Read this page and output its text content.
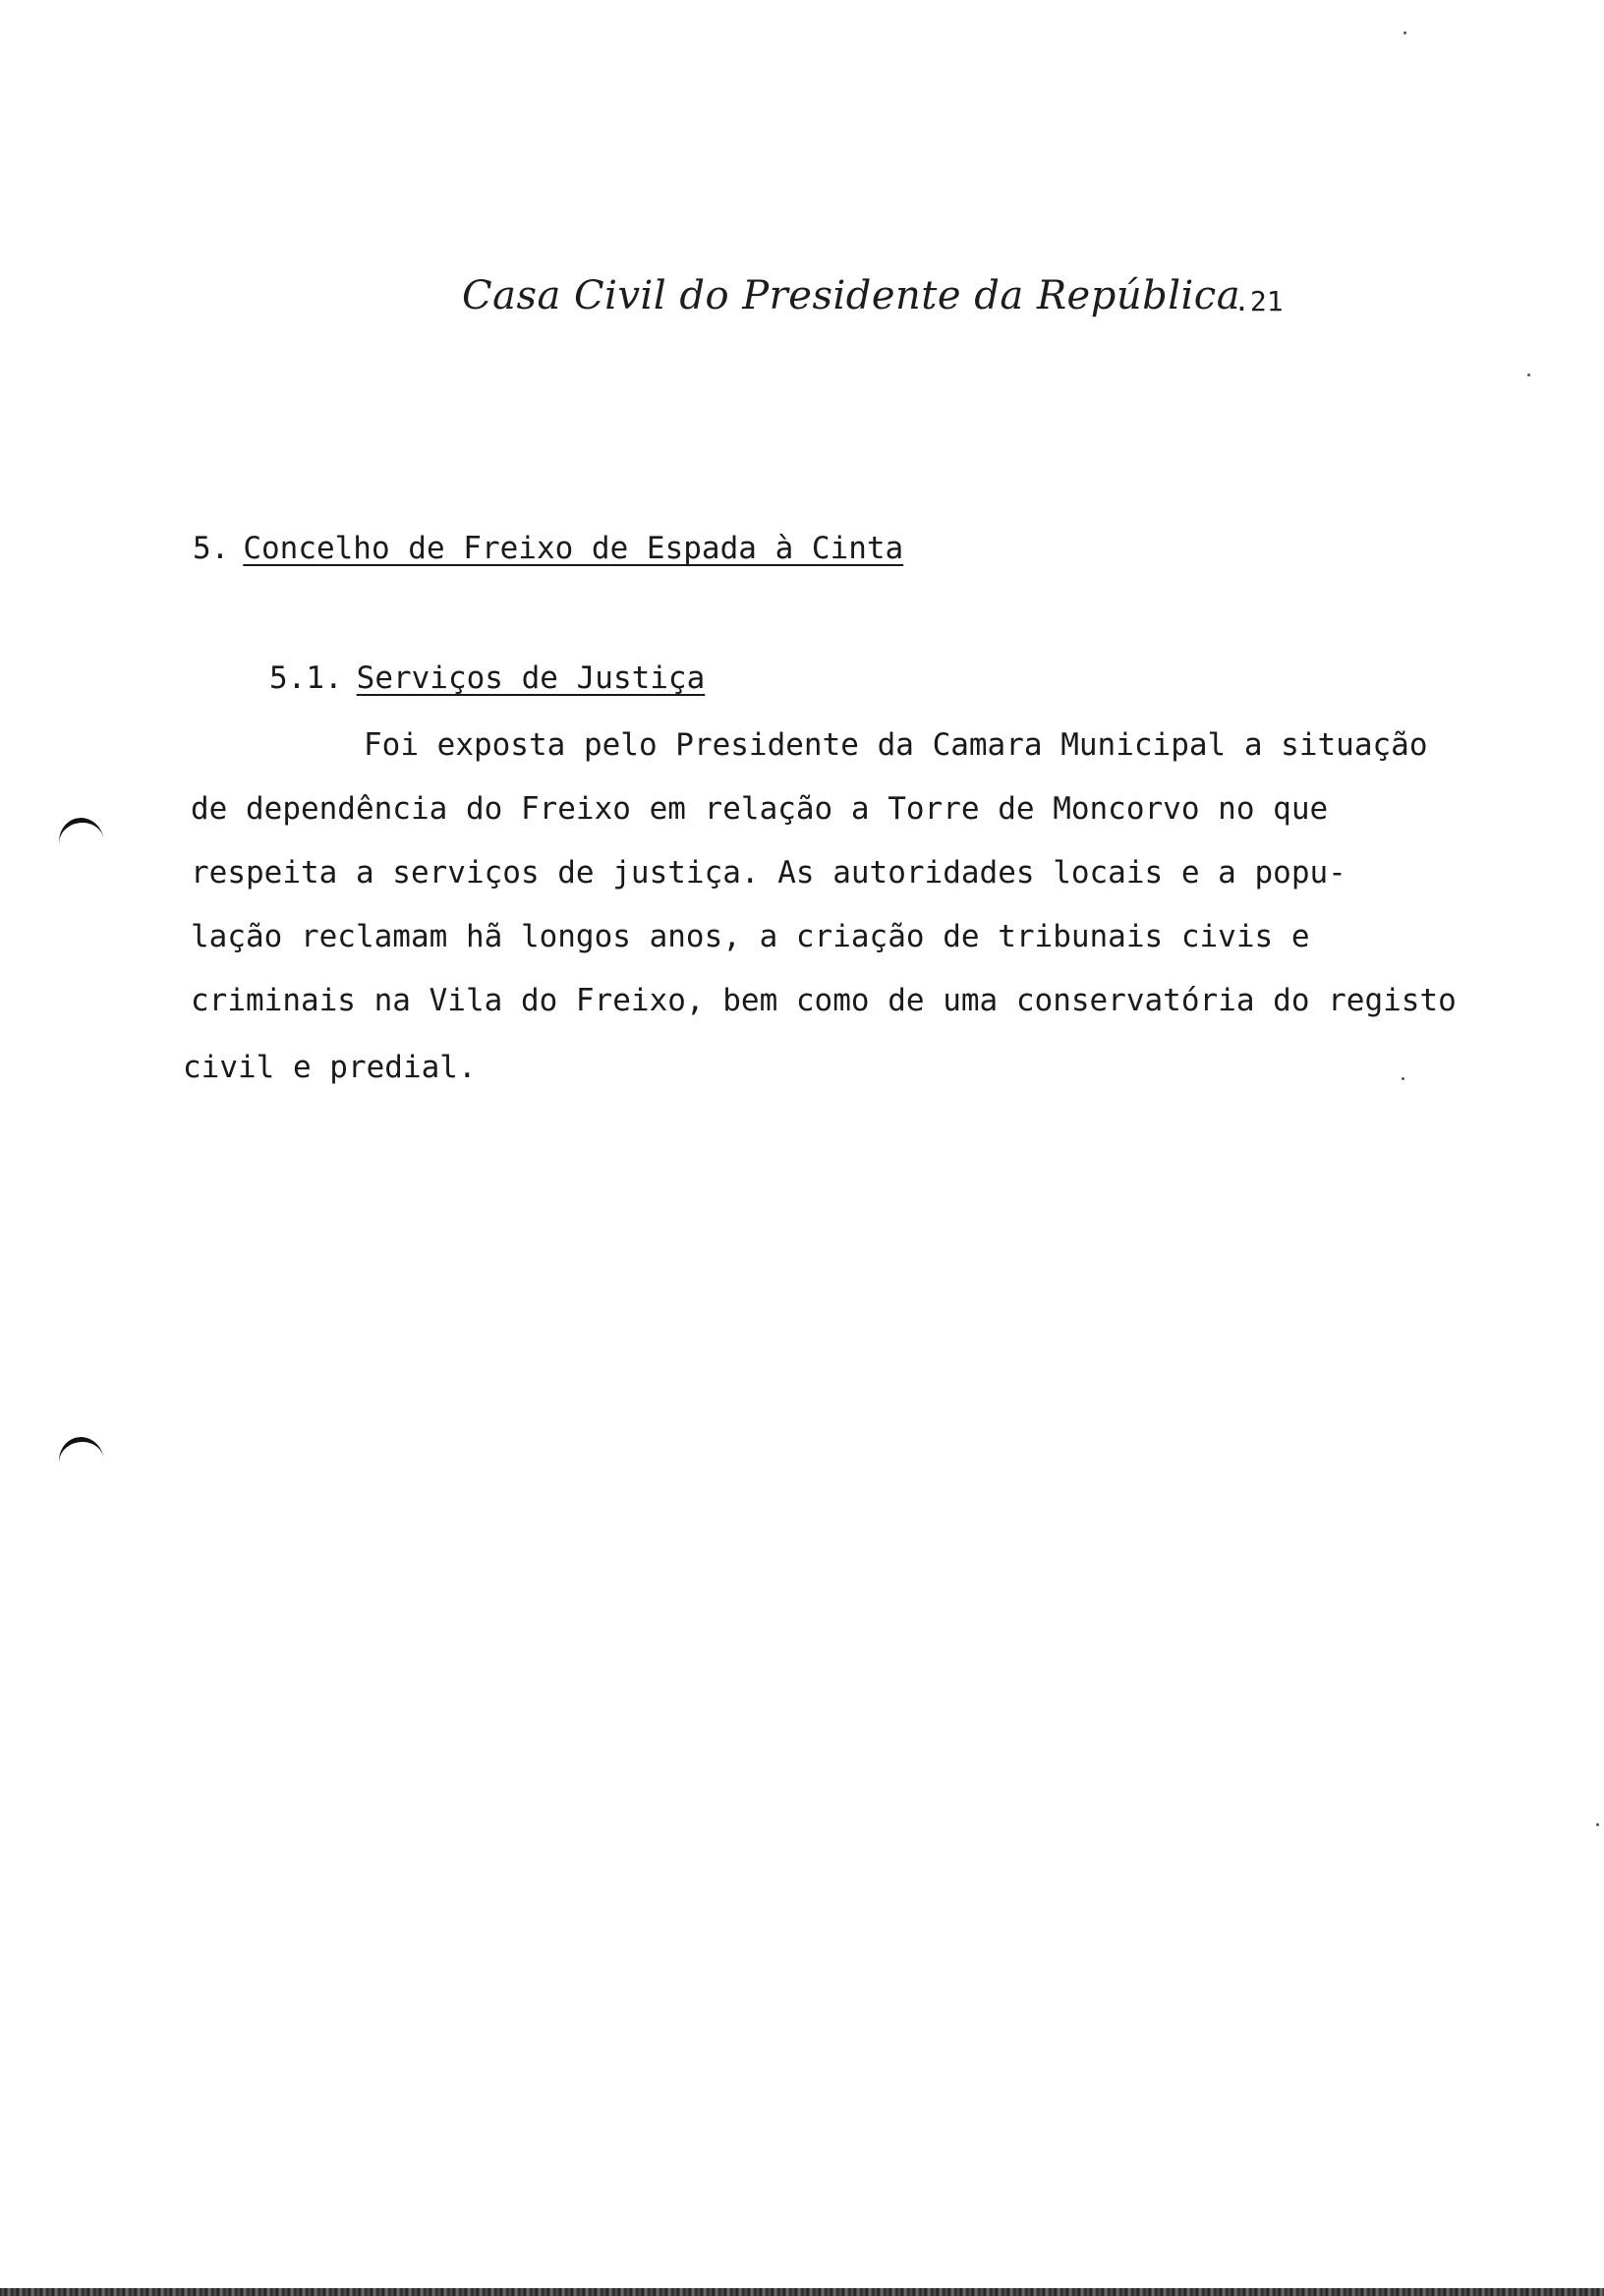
Casa Civil do Presidente da República
.21
5. Concelho de Freixo de Espada à Cinta
5.1. Serviços de Justiça
Foi exposta pelo Presidente da Camara Municipal a situação
de dependência do Freixo em relação a Torre de Moncorvo no que
respeita a serviços de justiça. As autoridades locais e a popu-
lação reclamam hã longos anos, a criação de tribunais civis e
criminais na Vila do Freixo, bem como de uma conservatória do registo
civil e predial.
